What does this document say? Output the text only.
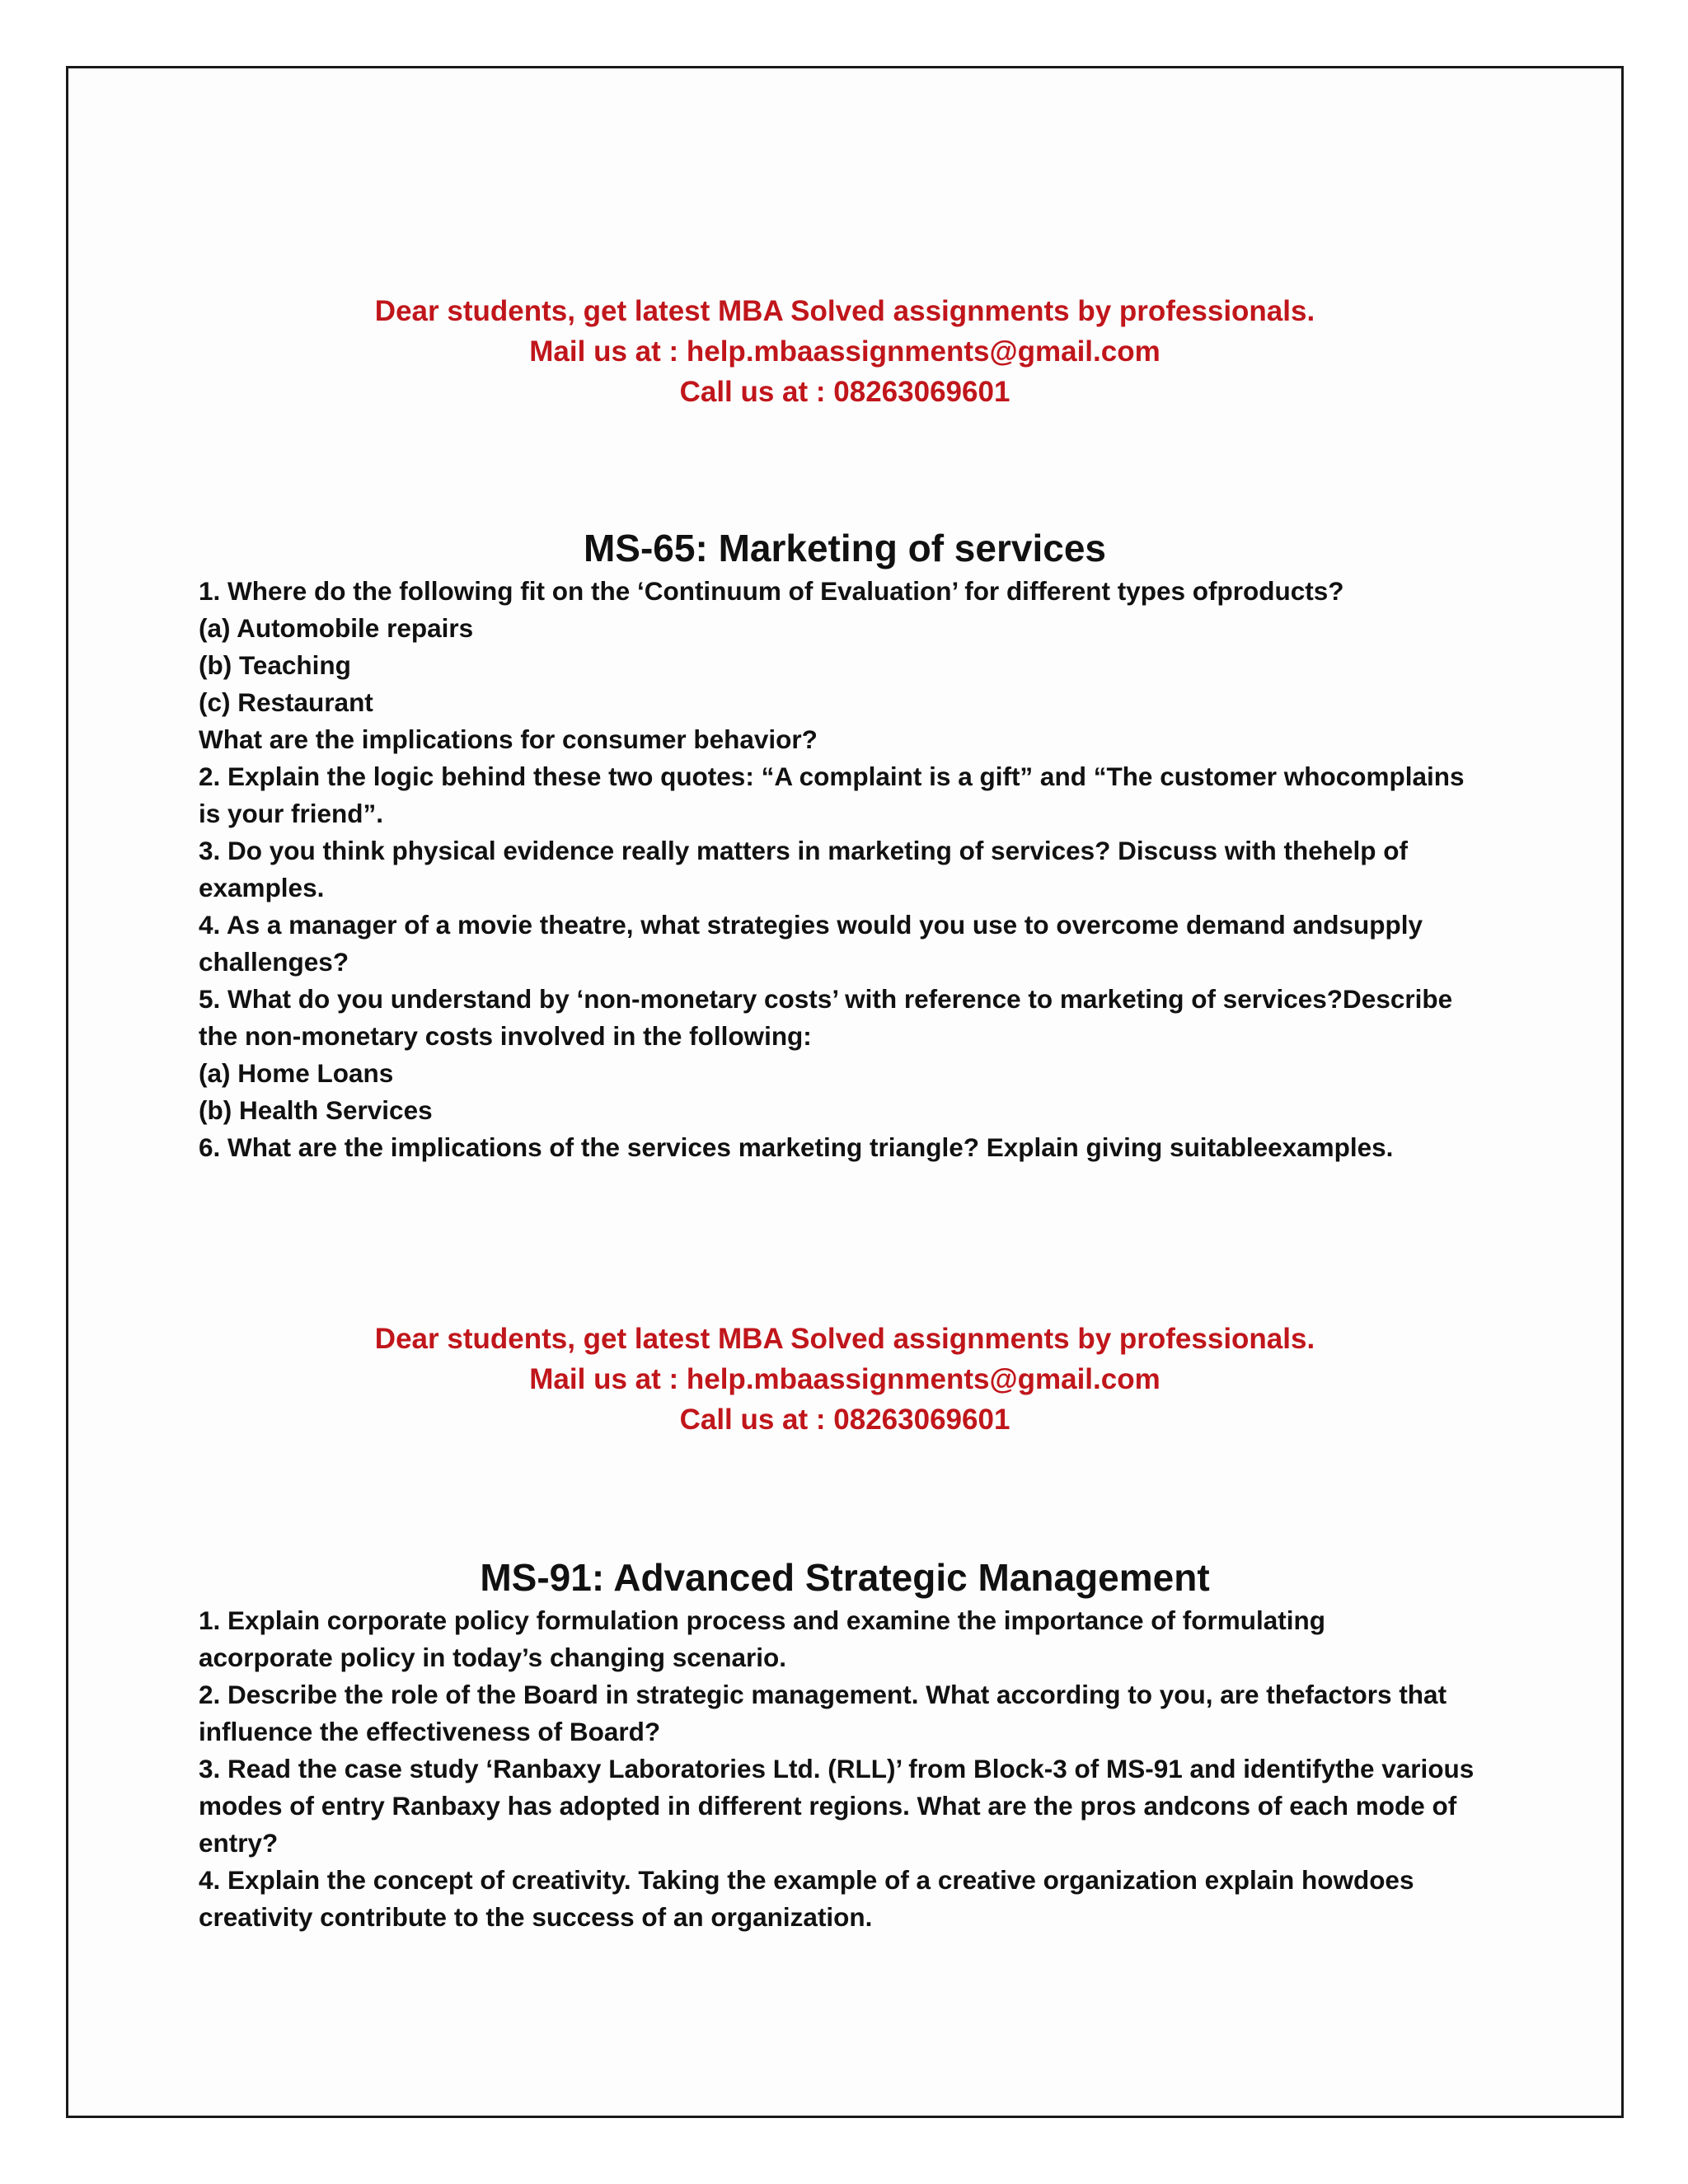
Dear students, get latest MBA Solved assignments by professionals.
Mail us at : help.mbaassignments@gmail.com
Call us at : 08263069601
MS-65: Marketing of services
1. Where do the following fit on the ‘Continuum of Evaluation’ for different types ofproducts?
(a) Automobile repairs
(b) Teaching
(c) Restaurant
What are the implications for consumer behavior?
2. Explain the logic behind these two quotes: “A complaint is a gift” and “The customer whocomplains
is your friend”.
3. Do you think physical evidence really matters in marketing of services? Discuss with thehelp of
examples.
4. As a manager of a movie theatre, what strategies would you use to overcome demand andsupply
challenges?
5. What do you understand by ‘non-monetary costs’ with reference to marketing of services?Describe
the non-monetary costs involved in the following:
(a) Home Loans
(b) Health Services
6. What are the implications of the services marketing triangle? Explain giving suitableexamples.
Dear students, get latest MBA Solved assignments by professionals.
Mail us at : help.mbaassignments@gmail.com
Call us at : 08263069601
MS-91: Advanced Strategic Management
1. Explain corporate policy formulation process and examine the importance of formulating
acorporate policy in today’s changing scenario.
2. Describe the role of the Board in strategic management. What according to you, are thefactors that
influence the effectiveness of Board?
3. Read the case study ‘Ranbaxy Laboratories Ltd. (RLL)’ from Block-3 of MS-91 and identifythe various
modes of entry Ranbaxy has adopted in different regions. What are the pros andcons of each mode of
entry?
4. Explain the concept of creativity. Taking the example of a creative organization explain howdoes
creativity contribute to the success of an organization.
